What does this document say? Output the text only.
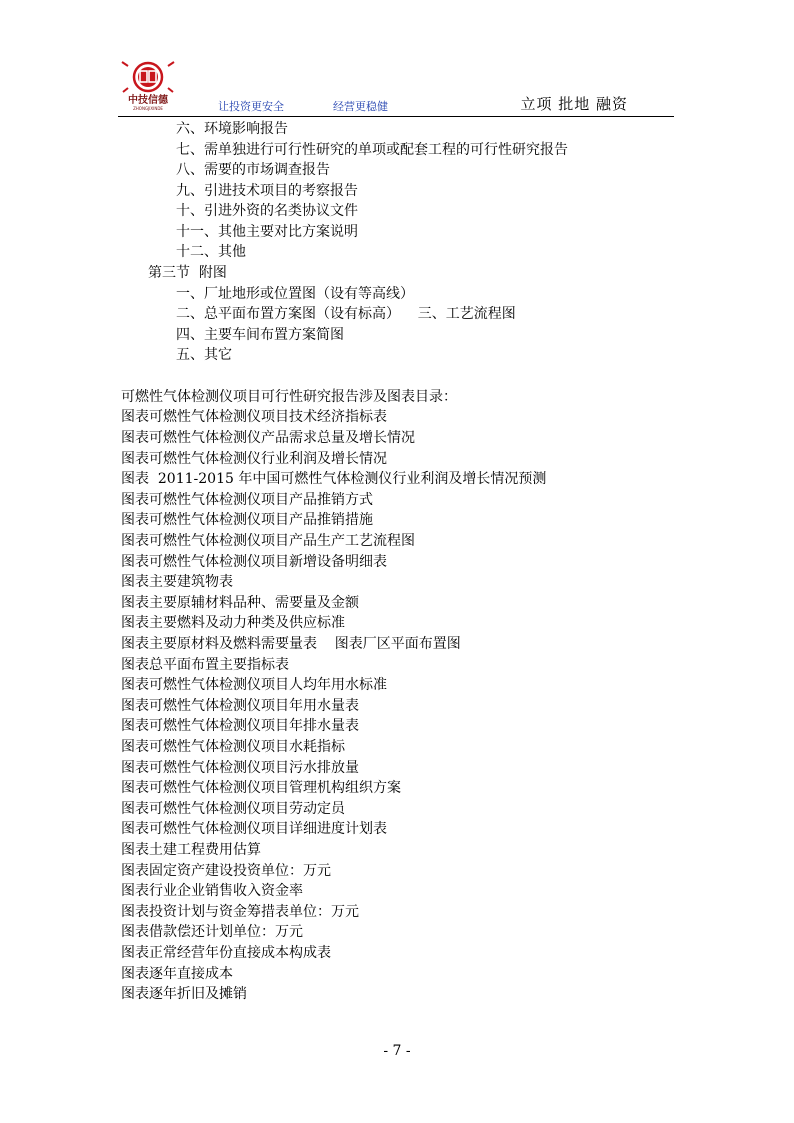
中技信德
ZHONGJIXINDE	让投资更安全	经营更稳健	立项 批地 融资
六、环境影响报告
七、需单独进行可行性研究的单项或配套工程的可行性研究报告
八、需要的市场调查报告
九、引进技术项目的考察报告
十、引进外资的名类协议文件
十一、其他主要对比方案说明
十二、其他
第三节  附图
一、厂址地形或位置图（设有等高线）
二、总平面布置方案图（设有标高）    三、工艺流程图
四、主要车间布置方案简图
五、其它
可燃性气体检测仪项目可行性研究报告涉及图表目录：
图表可燃性气体检测仪项目技术经济指标表
图表可燃性气体检测仪产品需求总量及增长情况
图表可燃性气体检测仪行业利润及增长情况
图表  2011-2015 年中国可燃性气体检测仪行业利润及增长情况预测
图表可燃性气体检测仪项目产品推销方式
图表可燃性气体检测仪项目产品推销措施
图表可燃性气体检测仪项目产品生产工艺流程图
图表可燃性气体检测仪项目新增设备明细表
图表主要建筑物表
图表主要原辅材料品种、需要量及金额
图表主要燃料及动力种类及供应标准
图表主要原材料及燃料需要量表    图表厂区平面布置图
图表总平面布置主要指标表
图表可燃性气体检测仪项目人均年用水标准
图表可燃性气体检测仪项目年用水量表
图表可燃性气体检测仪项目年排水量表
图表可燃性气体检测仪项目水耗指标
图表可燃性气体检测仪项目污水排放量
图表可燃性气体检测仪项目管理机构组织方案
图表可燃性气体检测仪项目劳动定员
图表可燃性气体检测仪项目详细进度计划表
图表土建工程费用估算
图表固定资产建设投资单位：万元
图表行业企业销售收入资金率
图表投资计划与资金筹措表单位：万元
图表借款偿还计划单位：万元
图表正常经营年份直接成本构成表
图表逐年直接成本
图表逐年折旧及摊销
- 7 -
